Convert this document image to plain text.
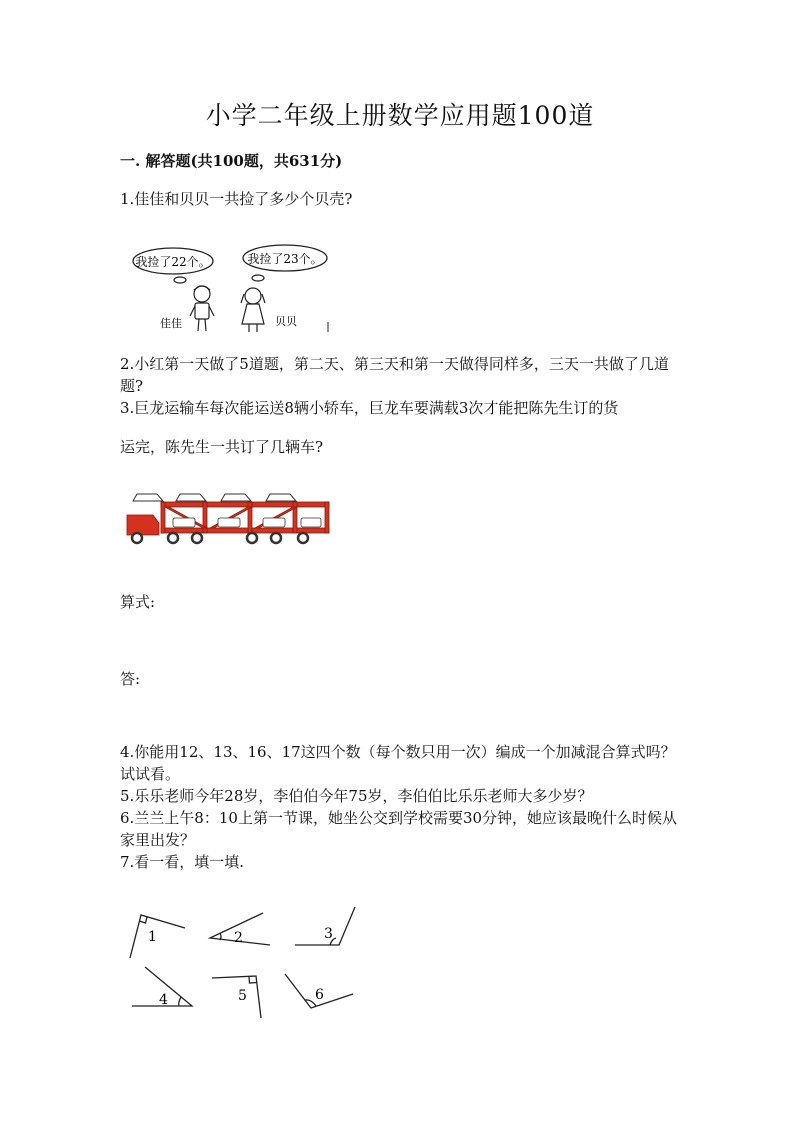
小学二年级上册数学应用题100道
一. 解答题(共100题，共631分)
1.佳佳和贝贝一共捡了多少个贝壳?
我捡了22个。	我捡了23个。
佳佳	贝贝
2.小红第一天做了5道题，第二天、第三天和第一天做得同样多，三天一共做了几道题?
3.巨龙运输车每次能运送8辆小轿车，巨龙车要满载3次才能把陈先生订的货
运完，陈先生一共订了几辆车?
算式:
答:
4.你能用12、13、16、17这四个数（每个数只用一次）编成一个加减混合算式吗？试试看。
5.乐乐老师今年28岁，李伯伯今年75岁，李伯伯比乐乐老师大多少岁？
6.兰兰上午8：10上第一节课，她坐公交到学校需要30分钟，她应该最晚什么时候从家里出发？
7.看一看，填一填.
1	2	3
4	5	6
